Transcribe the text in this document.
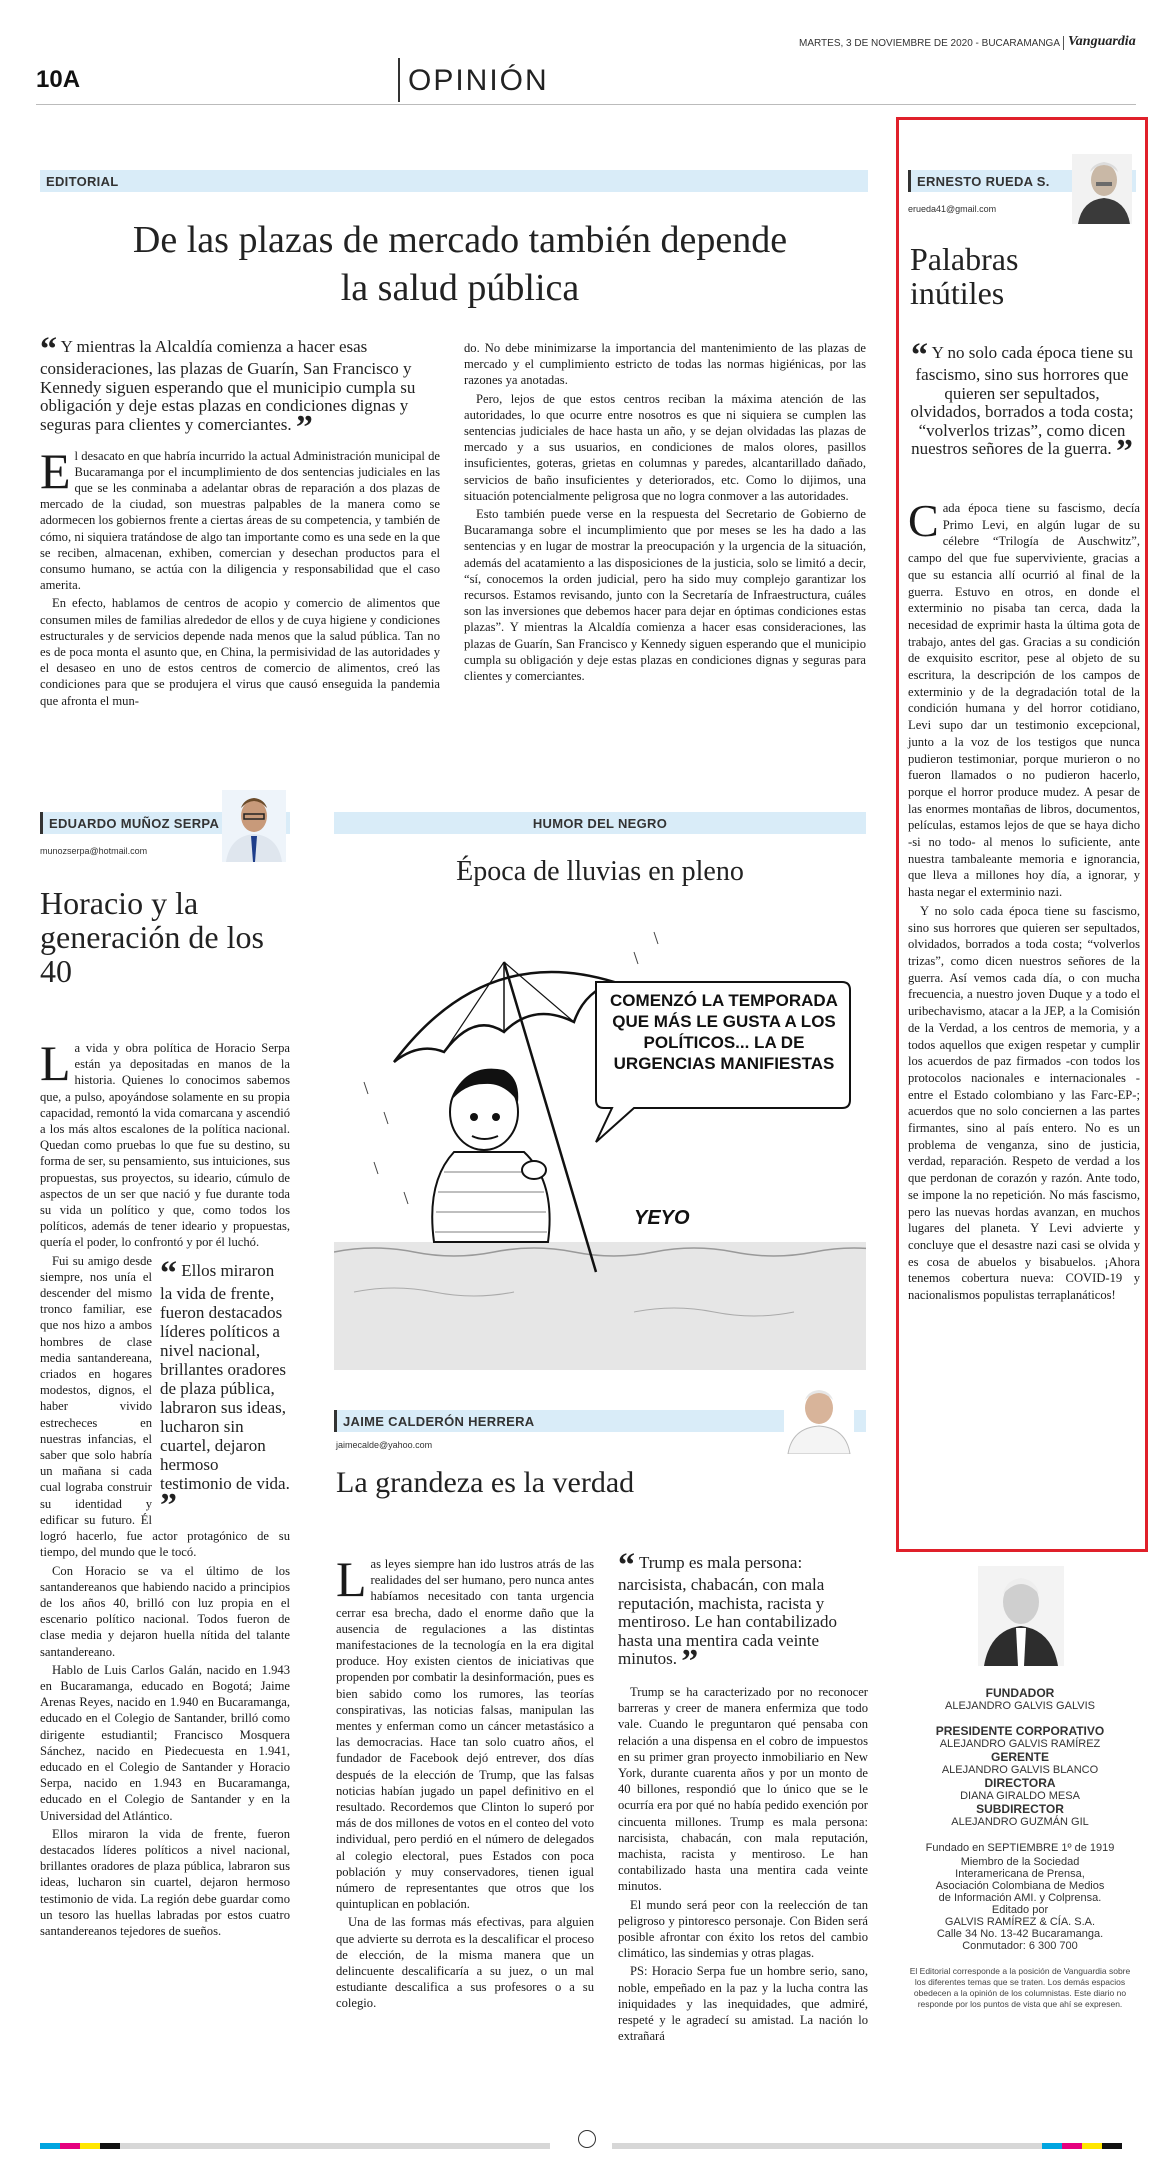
MARTES, 3 DE NOVIEMBRE DE 2020 - BUCARAMANGA Vanguardia
10A	OPINIÓN
EDITORIAL
De las plazas de mercado también depende la salud pública
“ Y mientras la Alcaldía comienza a hacer esas consideraciones, las plazas de Guarín, San Francisco y Kennedy siguen esperando que el municipio cumpla su obligación y deje estas plazas en condiciones dignas y seguras para clientes y comerciantes. ”

El desacato en que habría incurrido la actual Administración municipal de Bucaramanga por el incumplimiento de dos sentencias judiciales en las que se les conminaba a adelantar obras de reparación a dos plazas de mercado de la ciudad, son muestras palpables de la manera como se adormecen los gobiernos frente a ciertas áreas de su competencia, y también de cómo, ni siquiera tratándose de algo tan importante como es una sede en la que se reciben, almacenan, exhiben, comercian y desechan productos para el consumo humano, se actúa con la diligencia y responsabilidad que el caso amerita.

En efecto, hablamos de centros de acopio y comercio de alimentos que consumen miles de familias alrededor de ellos y de cuya higiene y condiciones estructurales y de servicios depende nada menos que la salud pública. Tan no es de poca monta el asunto que, en China, la permisividad de las autoridades y el desaseo en uno de estos centros de comercio de alimentos, creó las condiciones para que se produjera el virus que causó enseguida la pandemia que afronta el mun-

do. No debe minimizarse la importancia del mantenimiento de las plazas de mercado y el cumplimiento estricto de todas las normas higiénicas, por las razones ya anotadas.

Pero, lejos de que estos centros reciban la máxima atención de las autoridades, lo que ocurre entre nosotros es que ni siquiera se cumplen las sentencias judiciales de hace hasta un año, y se dejan olvidadas las plazas de mercado y a sus usuarios, en condiciones de malos olores, pasillos insuficientes, goteras, grietas en columnas y paredes, alcantarillado dañado, servicios de baño insuficientes y deteriorados, etc. Como lo dijimos, una situación potencialmente peligrosa que no logra conmover a las autoridades.

Esto también puede verse en la respuesta del Secretario de Gobierno de Bucaramanga sobre el incumplimiento que por meses se les ha dado a las sentencias y en lugar de mostrar la preocupación y la urgencia de la situación, además del acatamiento a las disposiciones de la justicia, solo se limitó a decir, “sí, conocemos la orden judicial, pero ha sido muy complejo garantizar los recursos. Estamos revisando, junto con la Secretaría de Infraestructura, cuáles son las inversiones que debemos hacer para dejar en óptimas condiciones estas plazas”. Y mientras la Alcaldía comienza a hacer esas consideraciones, las plazas de Guarín, San Francisco y Kennedy siguen esperando que el municipio cumpla su obligación y deje estas plazas en condiciones dignas y seguras para clientes y comerciantes.

ERNESTO RUEDA S.
erueda41@gmail.com
Palabras inútiles
“ Y no solo cada época tiene su fascismo, sino sus horrores que quieren ser sepultados, olvidados, borrados a toda costa; “volverlos trizas”, como dicen nuestros señores de la guerra. ”

Cada época tiene su fascismo, decía Primo Levi, en algún lugar de su célebre “Trilogía de Auschwitz”, campo del que fue superviviente, gracias a que su estancia allí ocurrió al final de la guerra. Estuvo en otros, en donde el exterminio no pisaba tan cerca, dada la necesidad de exprimir hasta la última gota de trabajo, antes del gas. Gracias a su condición de exquisito escritor, pese al objeto de su escritura, la descripción de los campos de exterminio y de la degradación total de la condición humana y del horror cotidiano, Levi supo dar un testimonio excepcional, junto a la voz de los testigos que nunca pudieron testimoniar, porque murieron o no fueron llamados o no pudieron hacerlo, porque el horror produce mudez. A pesar de las enormes montañas de libros, documentos, películas, estamos lejos de que se haya dicho -si no todo- al menos lo suficiente, ante nuestra tambaleante memoria e ignorancia, que lleva a millones hoy día, a ignorar, y hasta negar el exterminio nazi.

Y no solo cada época tiene su fascismo, sino sus horrores que quieren ser sepultados, olvidados, borrados a toda costa; “volverlos trizas”, como dicen nuestros señores de la guerra. Así vemos cada día, o con mucha frecuencia, a nuestro joven Duque y a todo el uribechavismo, atacar a la JEP, a la Comisión de la Verdad, a los centros de memoria, y a todos aquellos que exigen respetar y cumplir los acuerdos de paz firmados -con todos los protocolos nacionales e internacionales - entre el Estado colombiano y las Farc-EP-; acuerdos que no solo conciernen a las partes firmantes, sino al país entero. No es un problema de venganza, sino de justicia, verdad, reparación. Respeto de verdad a los que perdonan de corazón y razón. Ante todo, se impone la no repetición. No más fascismo, pero las nuevas hordas avanzan, en muchos lugares del planeta. Y Levi advierte y concluye que el desastre nazi casi se olvida y es cosa de abuelos y bisabuelos. ¡Ahora tenemos cobertura nueva: COVID-19 y nacionalismos populistas terraplanáticos!

EDUARDO MUÑOZ SERPA
munozserpa@hotmail.com
Horacio y la generación de los 40

La vida y obra política de Horacio Serpa están ya depositadas en manos de la historia. Quienes lo conocimos sabemos que, a pulso, apoyándose solamente en su propia capacidad, remontó la vida comarcana y ascendió a los más altos escalones de la política nacional. Quedan como pruebas lo que fue su destino, su forma de ser, su pensamiento, sus intuiciones, sus propuestas, sus proyectos, su ideario, cúmulo de aspectos de un ser que nació y fue durante toda su vida un político y que, como todos los políticos, además de tener ideario y propuestas, quería el poder, lo confrontó y por él luchó.

“ Ellos miraron la vida de frente, fueron destacados líderes políticos a nivel nacional, brillantes oradores de plaza pública, labraron sus ideas, lucharon sin cuartel, dejaron hermoso testimonio de vida. ”

Fui su amigo desde siempre, nos unía el descender del mismo tronco familiar, ese que nos hizo a ambos hombres de clase media santandereana, criados en hogares modestos, dignos, el haber vivido estrecheces en nuestras infancias, el saber que solo habría un mañana si cada cual lograba construir su identidad y edificar su futuro. Él logró hacerlo, fue actor protagónico de su tiempo, del mundo que le tocó.

Con Horacio se va el último de los santandereanos que habiendo nacido a principios de los años 40, brilló con luz propia en el escenario político nacional. Todos fueron de clase media y dejaron huella nítida del talante santandereano.

Hablo de Luis Carlos Galán, nacido en 1.943 en Bucaramanga, educado en Bogotá; Jaime Arenas Reyes, nacido en 1.940 en Bucaramanga, educado en el Colegio de Santander, brilló como dirigente estudiantil; Francisco Mosquera Sánchez, nacido en Piedecuesta en 1.941, educado en el Colegio de Santander y Horacio Serpa, nacido en 1.943 en Bucaramanga, educado en el Colegio de Santander y en la Universidad del Atlántico.

Ellos miraron la vida de frente, fueron destacados líderes políticos a nivel nacional, brillantes oradores de plaza pública, labraron sus ideas, lucharon sin cuartel, dejaron hermoso testimonio de vida. La región debe guardar como un tesoro las huellas labradas por estos cuatro santandereanos tejedores de sueños.

HUMOR DEL NEGRO
Época de lluvias en pleno
COMENZÓ LA TEMPORADA QUE MÁS LE GUSTA A LOS POLÍTICOS... LA DE URGENCIAS MANIFIESTAS
YEYO
JAIME CALDERÓN HERRERA
jaimecalde@yahoo.com
La grandeza es la verdad

Las leyes siempre han ido lustros atrás de las realidades del ser humano, pero nunca antes habíamos necesitado con tanta urgencia cerrar esa brecha, dado el enorme daño que la ausencia de regulaciones a las distintas manifestaciones de la tecnología en la era digital produce. Hoy existen cientos de iniciativas que propenden por combatir la desinformación, pues es bien sabido como los rumores, las teorías conspirativas, las noticias falsas, manipulan las mentes y enferman como un cáncer metastásico a las democracias. Hace tan solo cuatro años, el fundador de Facebook dejó entrever, dos días después de la elección de Trump, que las falsas noticias habían jugado un papel definitivo en el resultado. Recordemos que Clinton lo superó por más de dos millones de votos en el conteo del voto individual, pero perdió en el número de delegados al colegio electoral, pues Estados con poca población y muy conservadores, tienen igual número de representantes que otros que los quintuplican en población.

Una de las formas más efectivas, para alguien que advierte su derrota es la descalificar el proceso de elección, de la misma manera que un delincuente descalificaría a su juez, o un mal estudiante descalifica a sus profesores o a su colegio.

“ Trump es mala persona: narcisista, chabacán, con mala reputación, machista, racista y mentiroso. Le han contabilizado hasta una mentira cada veinte minutos. ”

Trump se ha caracterizado por no reconocer barreras y creer de manera enfermiza que todo vale. Cuando le preguntaron qué pensaba con relación a una dispensa en el cobro de impuestos en su primer gran proyecto inmobiliario en New York, durante cuarenta años y por un monto de 40 billones, respondió que lo único que se le ocurría era por qué no había pedido exención por cincuenta millones. Trump es mala persona: narcisista, chabacán, con mala reputación, machista, racista y mentiroso. Le han contabilizado hasta una mentira cada veinte minutos.

El mundo será peor con la reelección de tan peligroso y pintoresco personaje. Con Biden será posible afrontar con éxito los retos del cambio climático, las sindemias y otras plagas.

PS: Horacio Serpa fue un hombre serio, sano, noble, empeñado en la paz y la lucha contra las iniquidades y las inequidades, que admiré, respeté y le agradecí su amistad. La nación lo extrañará

FUNDADOR
ALEJANDRO GALVIS GALVIS
PRESIDENTE CORPORATIVO
ALEJANDRO GALVIS RAMÍREZ
GERENTE
ALEJANDRO GALVIS BLANCO
DIRECTORA
DIANA GIRALDO MESA
SUBDIRECTOR
ALEJANDRO GUZMÁN GIL
Fundado en SEPTIEMBRE 1º de 1919
Miembro de la Sociedad
Interamericana de Prensa,
Asociación Colombiana de Medios
de Información AMI. y Colprensa.
Editado por
GALVIS RAMÍREZ & CÍA. S.A.
Calle 34 No. 13-42 Bucaramanga.
Conmutador: 6 300 700
El Editorial corresponde a la posición de Vanguardia sobre los diferentes temas que se traten. Los demás espacios obedecen a la opinión de los columnistas. Este diario no responde por los puntos de vista que ahí se expresen.
